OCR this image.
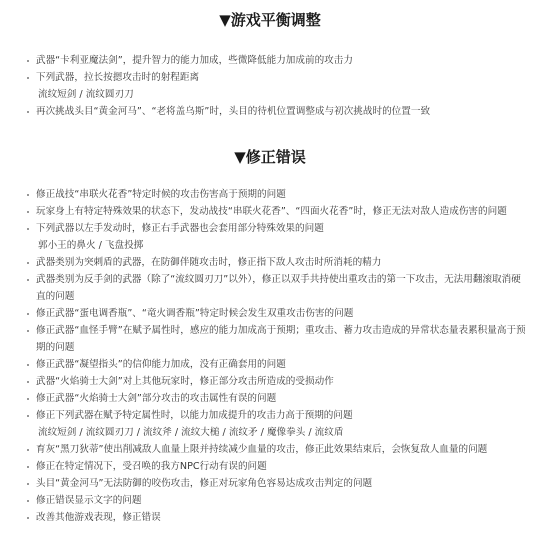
▼游戏平衡调整
武器“卡利亚魔法剑”，提升智力的能力加成，些微降低能力加成前的攻击力
下列武器，拉长按摁攻击时的射程距离
流纹短剑 / 流纹圆刃刀
再次挑战头目“黄金河马”、“老将盖乌斯”时，头目的待机位置调整成与初次挑战时的位置一致
▼修正错误
修正战技“串联火花香”特定时候的攻击伤害高于预期的问题
玩家身上有特定特殊效果的状态下，发动战技“串联火花香”、“四面火花香”时，修正无法对敌人造成伤害的问题
下列武器以左手发动时，修正右手武器也会套用部分特殊效果的问题
郭小王的鼻火 / 飞盘投掷
武器类别为突刺盾的武器，在防御伴随攻击时，修正指下敌人攻击时所消耗的精力
武器类别为反手剑的武器（除了“流纹圆刃刀”以外），修正以双手共持使出重攻击的第一下攻击，无法用翻滚取消硬直的问题
修正武器“蛋电调香瓶”、“竜火调香瓶”特定时候会发生双重攻击伤害的问题
修正武器“血怪手臂”在赋予属性时，感应的能力加成高于预期；重攻击、蓄力攻击造成的异常状态量表累积量高于预期的问题
修正武器“凝望指头”的信仰能力加成，没有正确套用的问题
武器“火焰骑士大剑”对上其他玩家时，修正部分攻击所造成的受损动作
修正武器“火焰骑士大剑”部分攻击的攻击属性有误的问题
修正下列武器在赋予特定属性时，以能力加成提升的攻击力高于预期的问题
流纹短剑 / 流纹圆刃刀 / 流纹斧 / 流纹大槌 / 流纹矛 / 魔像拳头 / 流纹盾
育灰“黑刀狄蒂”使出削减敌人血量上限并持续减少血量的攻击，修正此效果结束后，会恢复敌人血量的问题
修正在特定情况下，受召唤的我方NPC行动有误的问题
头目“黄金河马”无法防御的咬伤攻击，修正对玩家角色容易达成攻击判定的问题
修正错误显示文字的问题
改善其他游戏表现，修正错误
